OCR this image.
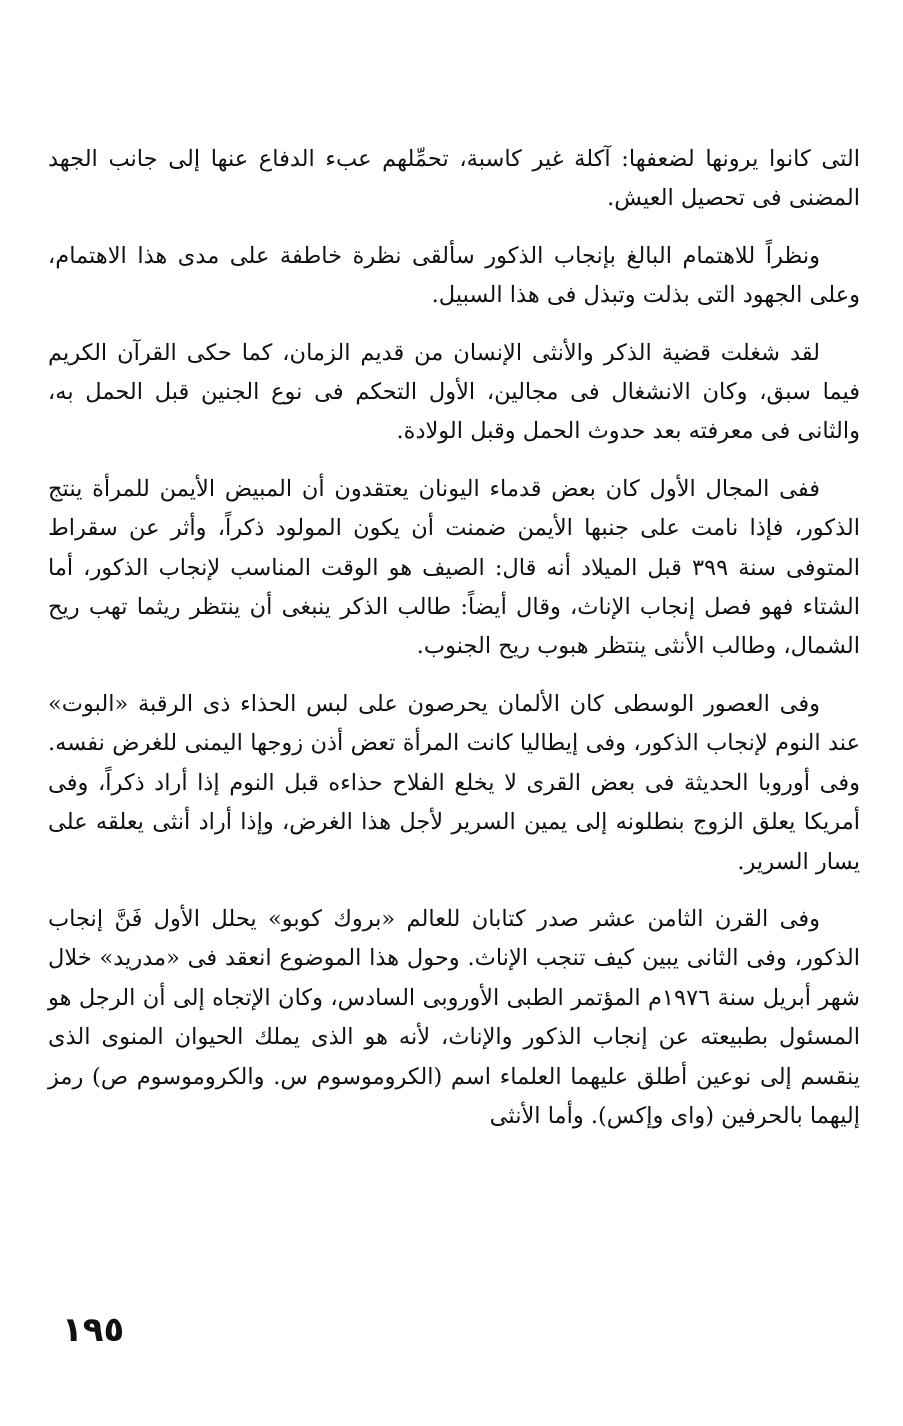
التى كانوا يرونها لضعفها: آكلة غير كاسبة، تحمِّلهم عبء الدفاع عنها إلى جانب الجهد المضنى فى تحصيل العيش.

ونظراً للاهتمام البالغ بإنجاب الذكور سألقى نظرة خاطفة على مدى هذا الاهتمام، وعلى الجهود التى بذلت وتبذل فى هذا السبيل.

لقد شغلت قضية الذكر والأنثى الإنسان من قديم الزمان، كما حكى القرآن الكريم فيما سبق، وكان الانشغال فى مجالين، الأول التحكم فى نوع الجنين قبل الحمل به، والثانى فى معرفته بعد حدوث الحمل وقبل الولادة.

ففى المجال الأول كان بعض قدماء اليونان يعتقدون أن المبيض الأيمن للمرأة ينتج الذكور، فإذا نامت على جنبها الأيمن ضمنت أن يكون المولود ذكراً، وأثر عن سقراط المتوفى سنة ٣٩٩ قبل الميلاد أنه قال: الصيف هو الوقت المناسب لإنجاب الذكور، أما الشتاء فهو فصل إنجاب الإناث، وقال أيضاً: طالب الذكر ينبغى أن ينتظر ريثما تهب ريح الشمال، وطالب الأنثى ينتظر هبوب ريح الجنوب.

وفى العصور الوسطى كان الألمان يحرصون على لبس الحذاء ذى الرقبة «البوت» عند النوم لإنجاب الذكور، وفى إيطاليا كانت المرأة تعض أذن زوجها اليمنى للغرض نفسه. وفى أوروبا الحديثة فى بعض القرى لا يخلع الفلاح حذاءه قبل النوم إذا أراد ذكراً، وفى أمريكا يعلق الزوج بنطلونه إلى يمين السرير لأجل هذا الغرض، وإذا أراد أنثى يعلقه على يسار السرير.

وفى القرن الثامن عشر صدر كتابان للعالم «بروك كوبو» يحلل الأول فَنَّ إنجاب الذكور، وفى الثانى يبين كيف تنجب الإناث. وحول هذا الموضوع انعقد فى «مدريد» خلال شهر أبريل سنة ١٩٧٦م المؤتمر الطبى الأوروبى السادس، وكان الإتجاه إلى أن الرجل هو المسئول بطبيعته عن إنجاب الذكور والإناث، لأنه هو الذى يملك الحيوان المنوى الذى ينقسم إلى نوعين أطلق عليهما العلماء اسم (الكروموسوم س. والكروموسوم ص) رمز إليهما بالحرفين (واى وإكس). وأما الأنثى

١٩٥
